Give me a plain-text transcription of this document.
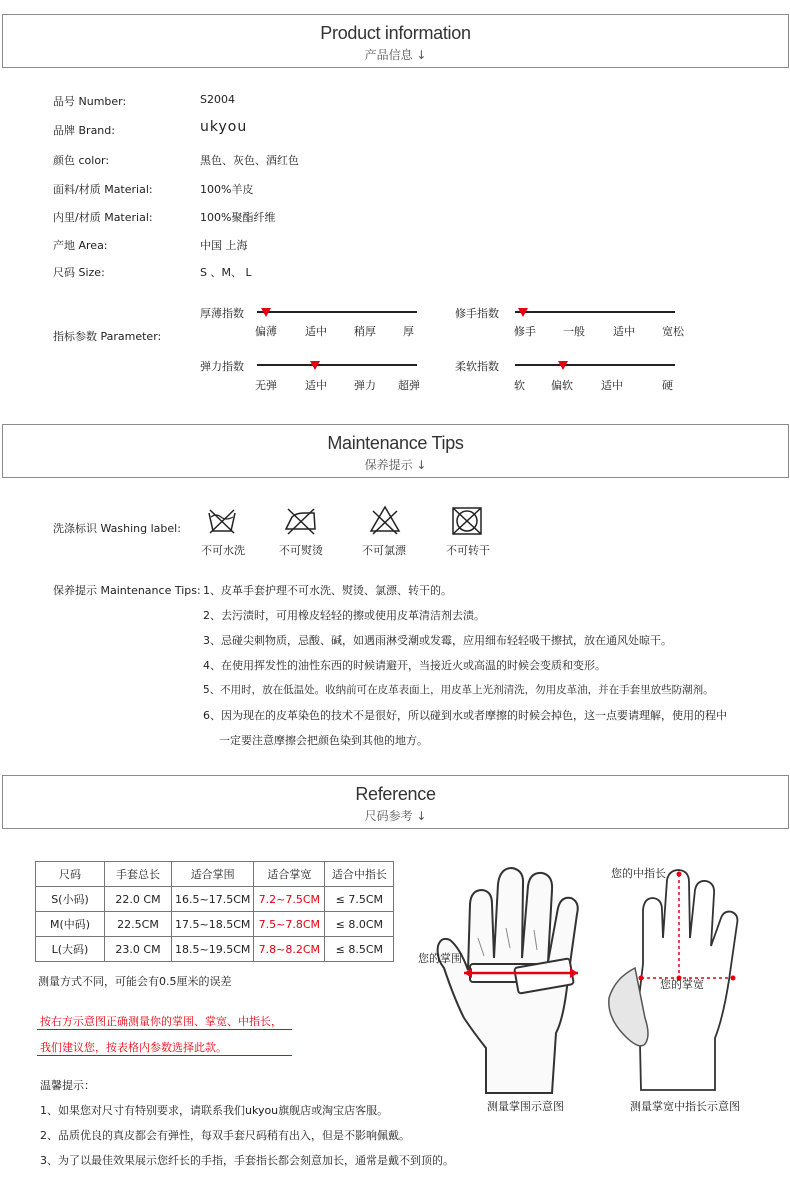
Product information
产品信息 ↓
品号 Number:	S2004
品牌 Brand:	ukyou
颜色 color:	黑色、灰色、酒红色
面料/材质 Material:	100%羊皮
内里/材质 Material:	100%聚酯纤维
产地 Area:	中国 上海
尺码 Size:	S 、M、 L
指标参数 Parameter:
厚薄指数
偏薄	适中 稍厚 厚
修手指数
修手 一般	适中 宽松
弹力指数
无弹	适中 弹力 超弹
柔软指数
软 偏软	适中	硬
Maintenance Tips
保养提示 ↓
洗涤标识 Washing label:
不可水洗	不可熨烫	不可氯漂	不可转干
保养提示 Maintenance Tips: 1、皮革手套护理不可水洗、熨烫、氯漂、转干的。
2、去污渍时，可用橡皮轻轻的擦或使用皮革清洁剂去渍。
3、忌碰尖刺物质，忌酸、碱，如遇雨淋受潮或发霉，应用细布轻轻吸干擦拭，放在通风处晾干。
4、在使用挥发性的油性东西的时候请避开，当接近火或高温的时候会变质和变形。
5、不用时，放在低温处。收纳前可在皮革表面上，用皮革上光剂清洗，勿用皮革油，并在手套里放些防潮剂。
6、因为现在的皮革染色的技术不是很好，所以碰到水或者摩擦的时候会掉色，这一点要请理解，使用的程中
一定要注意摩擦会把颜色染到其他的地方。
Reference
尺码参考 ↓
尺码	手套总长	适合掌围	适合掌宽	适合中指长
S(小码)	22.0 CM	16.5~17.5CM	7.2~7.5CM	≤ 7.5CM
M(中码)	22.5CM	17.5~18.5CM	7.5~7.8CM	≤ 8.0CM
L(大码)	23.0 CM	18.5~19.5CM	7.8~8.2CM	≤ 8.5CM
测量方式不同，可能会有0.5厘米的误差
按右方示意图正确测量你的掌围、掌宽、中指长，
我们建议您，按表格内参数选择此款。
温馨提示：
1、如果您对尺寸有特别要求，请联系我们ukyou旗舰店或淘宝店客服。
2、品质优良的真皮都会有弹性，每双手套尺码稍有出入，但是不影响佩戴。
3、为了以最佳效果展示您纤长的手指，手套指长都会刻意加长，通常是戴不到顶的。
您的掌围
测量掌围示意图
您的中指长
您的掌宽
测量掌宽中指长示意图
